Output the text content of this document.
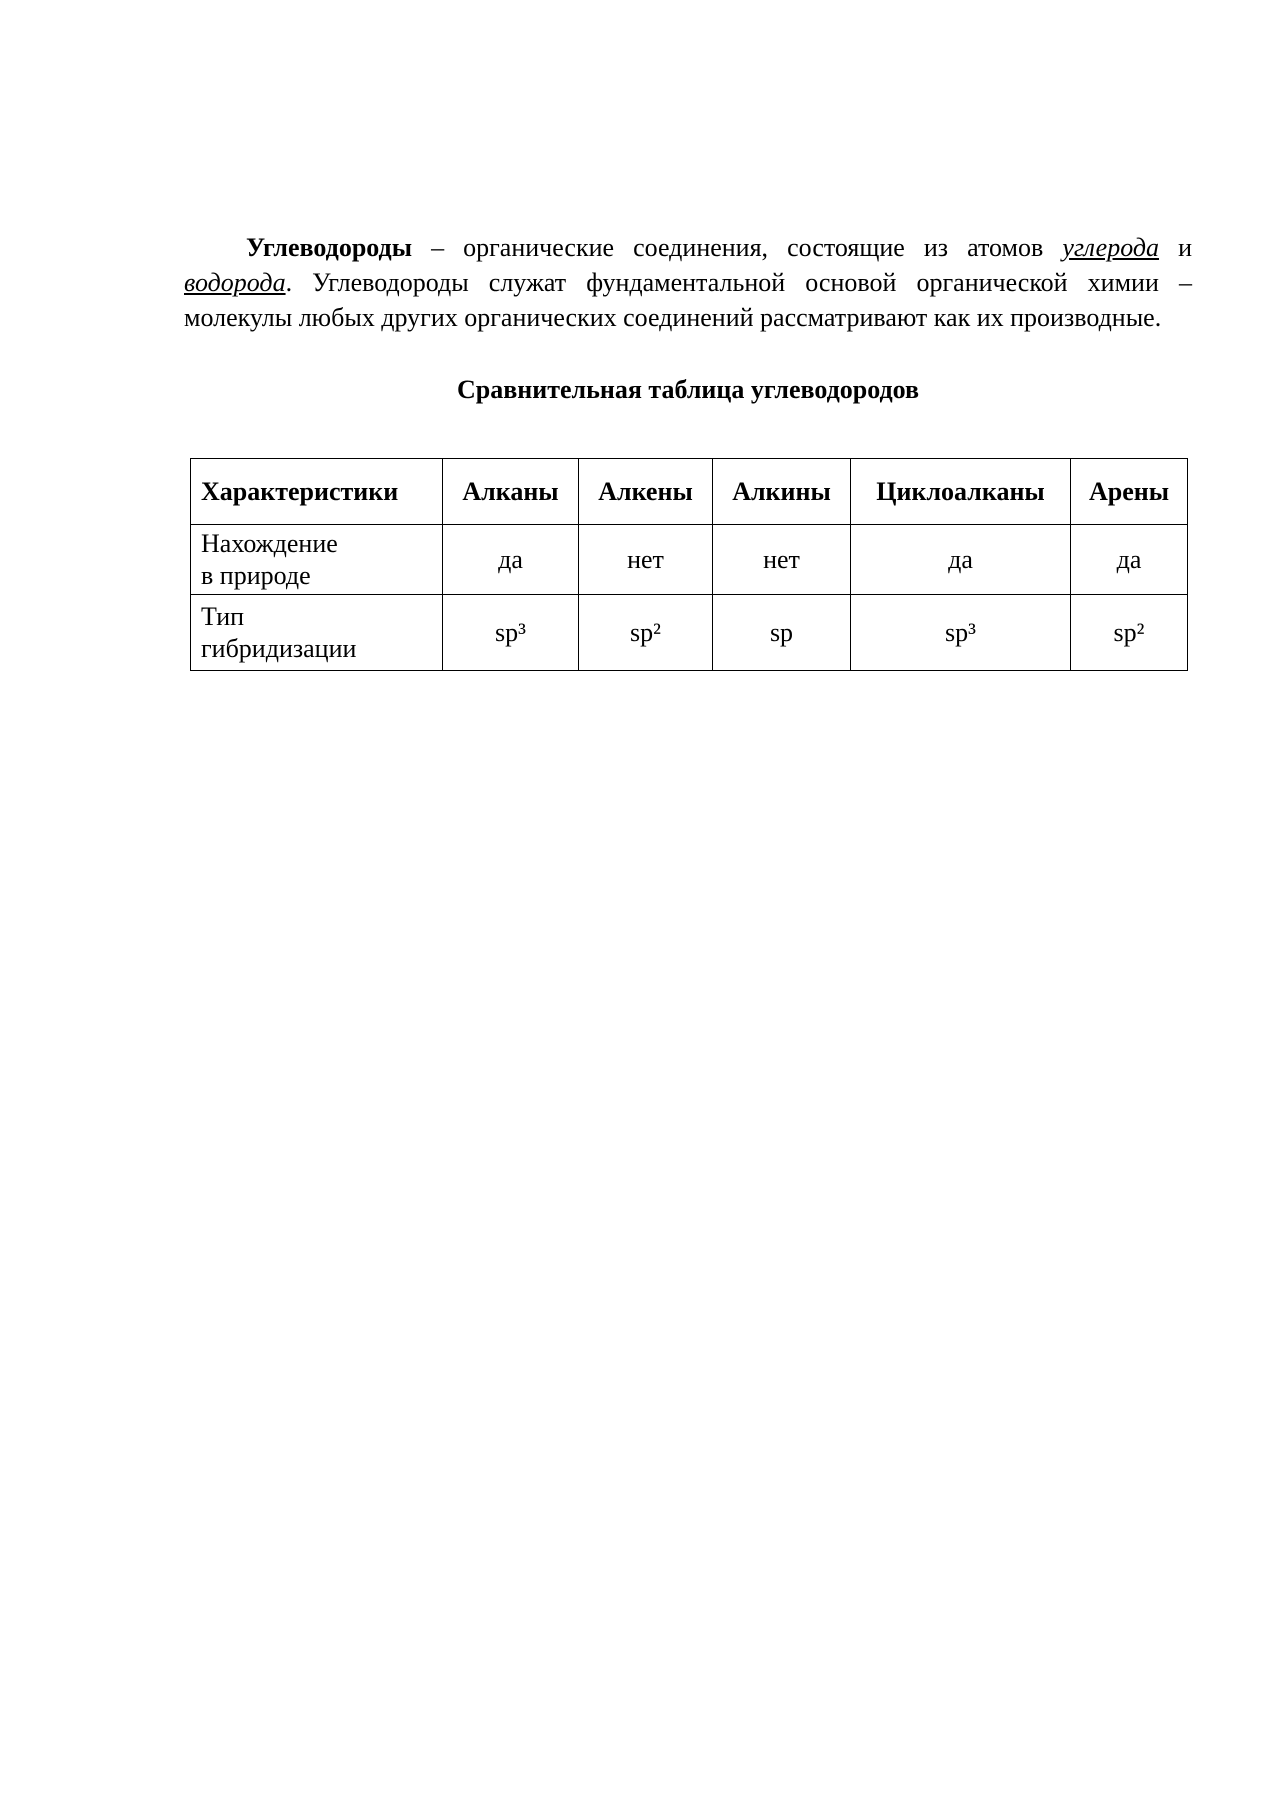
Углеводороды – органические соединения, состоящие из атомов углерода и водорода. Углеводороды служат фундаментальной основой органической химии – молекулы любых других органических соединений рассматривают как их производные.

Сравнительная таблица углеводородов
Характеристики	Алканы	Алкены	Алкины	Циклоалканы	Арены

Нахождение
в природе	да	нет	нет	да	да

Тип
гибридизации	sp³	sp²	sp	sp³	sp²
